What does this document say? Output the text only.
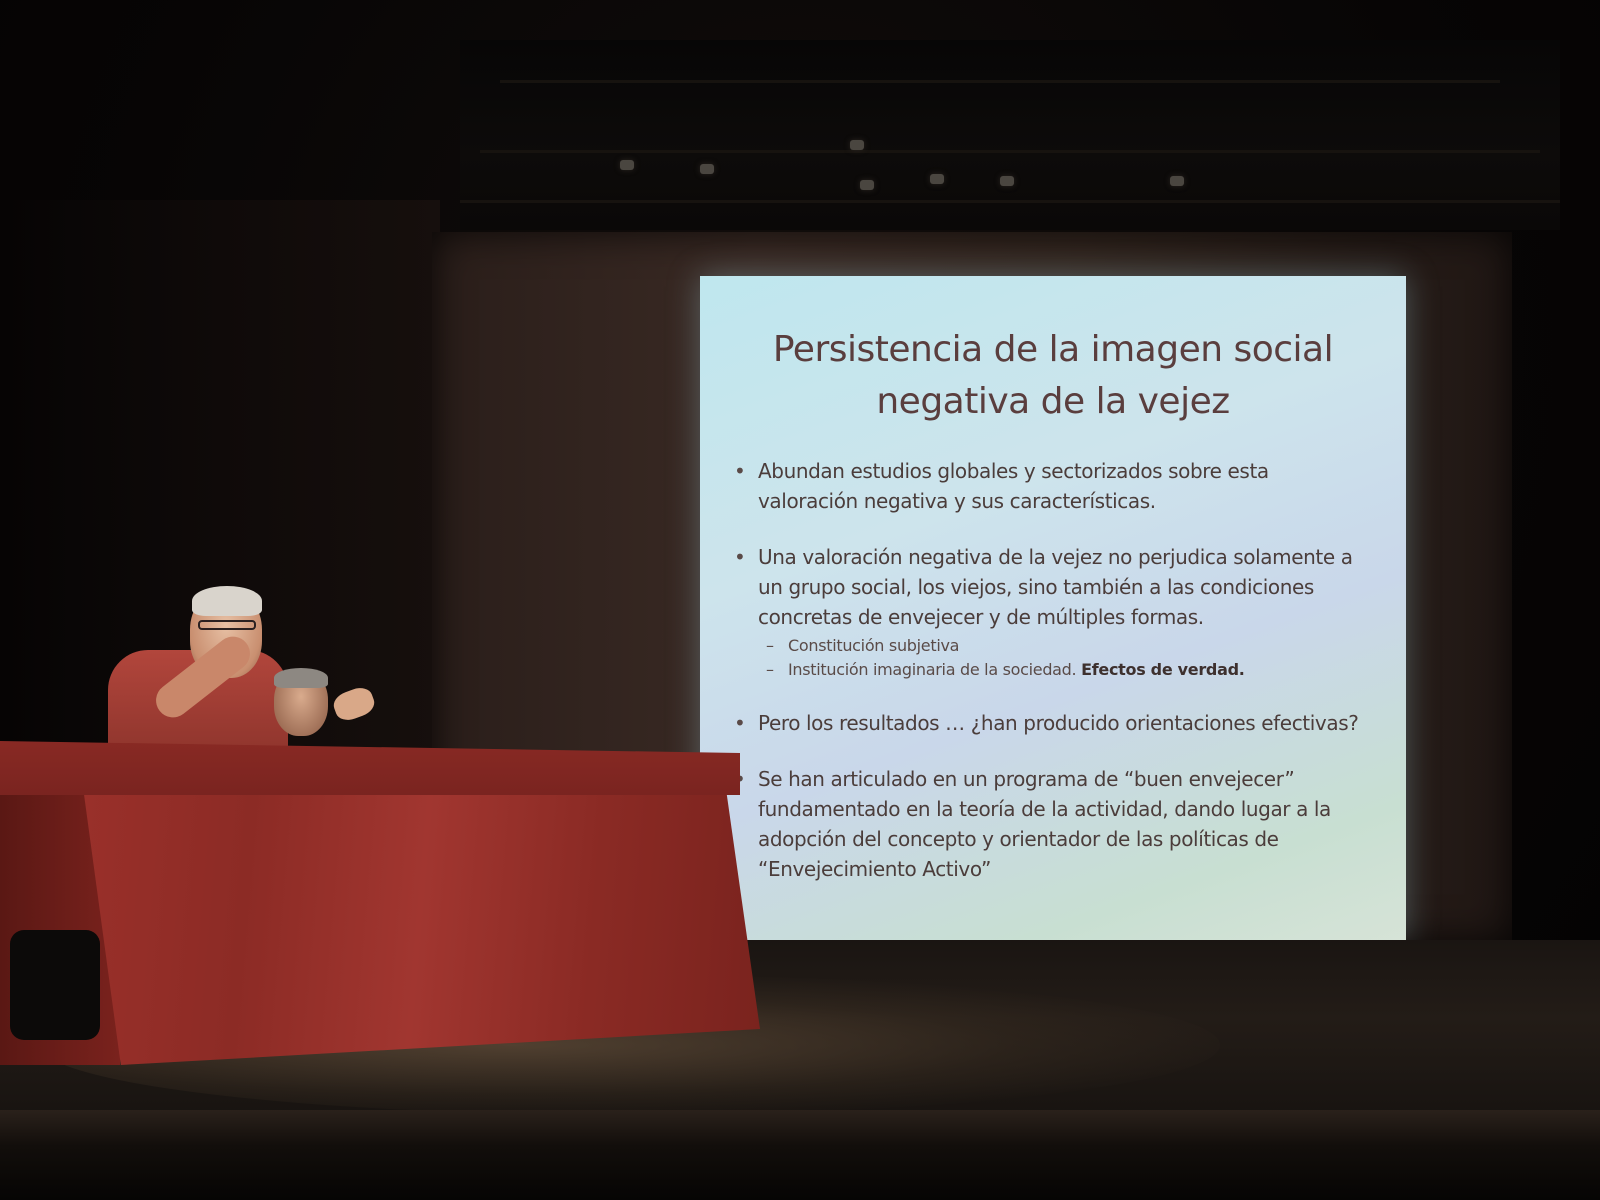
Persistencia de la imagen social
negativa de la vejez
• Abundan estudios globales y sectorizados sobre esta valoración negativa y sus características.
• Una valoración negativa de la vejez no perjudica solamente a un grupo social, los viejos, sino también a las condiciones concretas de envejecer y de múltiples formas.
– Constitución subjetiva
– Institución imaginaria de la sociedad. Efectos de verdad.
• Pero los resultados … ¿han producido orientaciones efectivas?
• Se han articulado en un programa de “buen envejecer” fundamentado en la teoría de la actividad, dando lugar a la adopción del concepto y orientador de las políticas de “Envejecimiento Activo”
